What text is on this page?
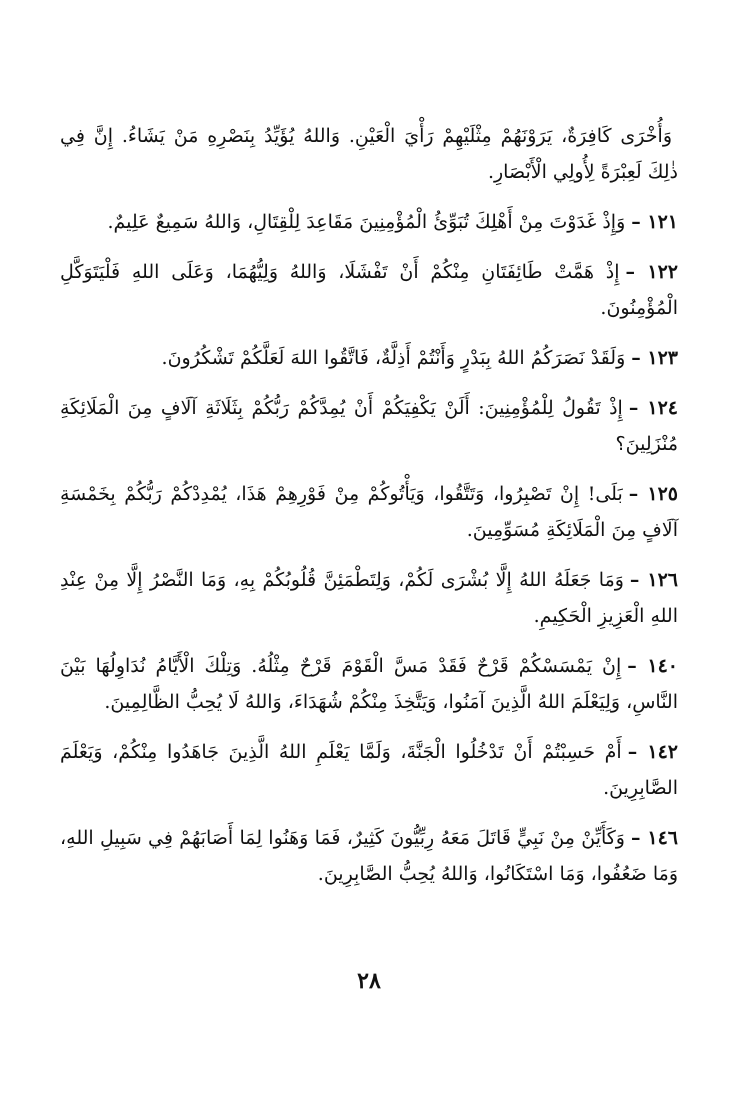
وَأُخْرَى كَافِرَةٌ، يَرَوْنَهُمْ مِثْلَيْهِمْ رَأْيَ الْعَيْنِ. وَاللهُ يُؤَيِّدُ بِنَصْرِهِ مَنْ يَشَاءُ. إِنَّ فِي ذٰلِكَ لَعِبْرَةً لِأُولِي الْأَبْصَارِ.

١٢١ –وَإِذْ غَدَوْتَ مِنْ أَهْلِكَ تُبَوِّئُ الْمُؤْمِنِينَ مَقَاعِدَ لِلْقِتَالِ، وَاللهُ سَمِيعٌ عَلِيمٌ.

١٢٢ –إِذْ هَمَّتْ طَائِفَتَانِ مِنْكُمْ أَنْ تَفْشَلَا، وَاللهُ وَلِيُّهُمَا، وَعَلَى اللهِ فَلْيَتَوَكَّلِ الْمُؤْمِنُونَ.

١٢٣ –وَلَقَدْ نَصَرَكُمُ اللهُ بِبَدْرٍ وَأَنْتُمْ أَذِلَّةٌ، فَاتَّقُوا اللهَ لَعَلَّكُمْ تَشْكُرُونَ.

١٢٤ –إِذْ تَقُولُ لِلْمُؤْمِنِينَ: أَلَنْ يَكْفِيَكُمْ أَنْ يُمِدَّكُمْ رَبُّكُمْ بِثَلَاثَةِ آلَافٍ مِنَ الْمَلَائِكَةِ مُنْزَلِينَ؟

١٢٥ –بَلَى! إِنْ تَصْبِرُوا، وَتَتَّقُوا، وَيَأْتُوكُمْ مِنْ فَوْرِهِمْ هَذَا، يُمْدِدْكُمْ رَبُّكُمْ بِخَمْسَةِ آلَافٍ مِنَ الْمَلَائِكَةِ مُسَوِّمِينَ.

١٢٦ –وَمَا جَعَلَهُ اللهُ إِلَّا بُشْرَى لَكُمْ، وَلِتَطْمَئِنَّ قُلُوبُكُمْ بِهِ، وَمَا النَّصْرُ إِلَّا مِنْ عِنْدِ اللهِ الْعَزِيزِ الْحَكِيمِ.

١٤٠ –إِنْ يَمْسَسْكُمْ قَرْحٌ فَقَدْ مَسَّ الْقَوْمَ قَرْحٌ مِثْلُهُ. وَتِلْكَ الْأَيَّامُ نُدَاوِلُهَا بَيْنَ النَّاسِ، وَلِيَعْلَمَ اللهُ الَّذِينَ آمَنُوا، وَيَتَّخِذَ مِنْكُمْ شُهَدَاءَ، وَاللهُ لَا يُحِبُّ الظَّالِمِينَ.

١٤٢ –أَمْ حَسِبْتُمْ أَنْ تَدْخُلُوا الْجَنَّةَ، وَلَمَّا يَعْلَمِ اللهُ الَّذِينَ جَاهَدُوا مِنْكُمْ، وَيَعْلَمَ الصَّابِرِينَ.

١٤٦ –وَكَأَيِّنْ مِنْ نَبِيٍّ قَاتَلَ مَعَهُ رِبِّيُّونَ كَثِيرٌ، فَمَا وَهَنُوا لِمَا أَصَابَهُمْ فِي سَبِيلِ اللهِ، وَمَا ضَعُفُوا، وَمَا اسْتَكَانُوا، وَاللهُ يُحِبُّ الصَّابِرِينَ.

٢٨
